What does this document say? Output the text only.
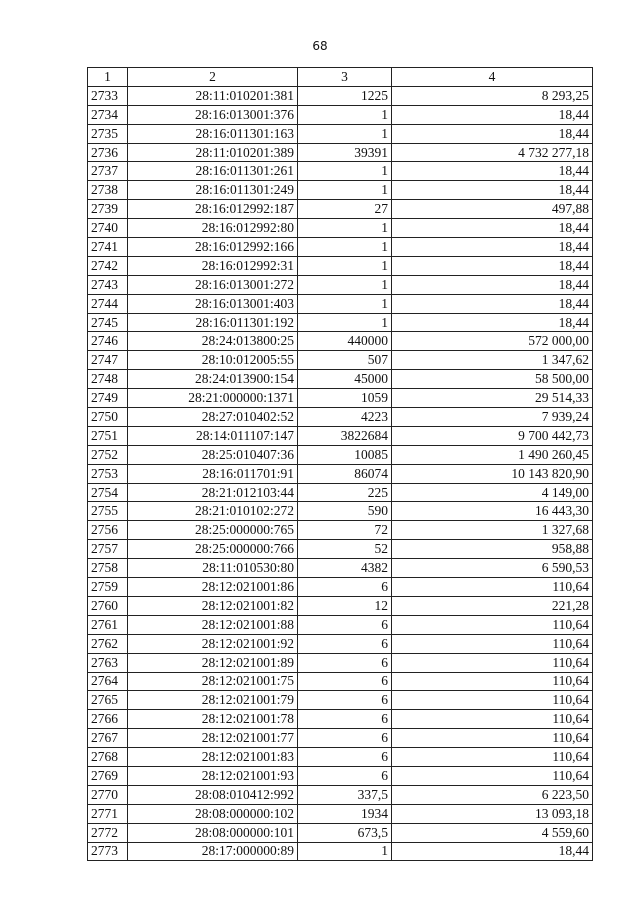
68
1	2	3	4
2733	28:11:010201:381	1225	8 293,25
2734	28:16:013001:376	1	18,44
2735	28:16:011301:163	1	18,44
2736	28:11:010201:389	39391	4 732 277,18
2737	28:16:011301:261	1	18,44
2738	28:16:011301:249	1	18,44
2739	28:16:012992:187	27	497,88
2740	28:16:012992:80	1	18,44
2741	28:16:012992:166	1	18,44
2742	28:16:012992:31	1	18,44
2743	28:16:013001:272	1	18,44
2744	28:16:013001:403	1	18,44
2745	28:16:011301:192	1	18,44
2746	28:24:013800:25	440000	572 000,00
2747	28:10:012005:55	507	1 347,62
2748	28:24:013900:154	45000	58 500,00
2749	28:21:000000:1371	1059	29 514,33
2750	28:27:010402:52	4223	7 939,24
2751	28:14:011107:147	3822684	9 700 442,73
2752	28:25:010407:36	10085	1 490 260,45
2753	28:16:011701:91	86074	10 143 820,90
2754	28:21:012103:44	225	4 149,00
2755	28:21:010102:272	590	16 443,30
2756	28:25:000000:765	72	1 327,68
2757	28:25:000000:766	52	958,88
2758	28:11:010530:80	4382	6 590,53
2759	28:12:021001:86	6	110,64
2760	28:12:021001:82	12	221,28
2761	28:12:021001:88	6	110,64
2762	28:12:021001:92	6	110,64
2763	28:12:021001:89	6	110,64
2764	28:12:021001:75	6	110,64
2765	28:12:021001:79	6	110,64
2766	28:12:021001:78	6	110,64
2767	28:12:021001:77	6	110,64
2768	28:12:021001:83	6	110,64
2769	28:12:021001:93	6	110,64
2770	28:08:010412:992	337,5	6 223,50
2771	28:08:000000:102	1934	13 093,18
2772	28:08:000000:101	673,5	4 559,60
2773	28:17:000000:89	1	18,44
